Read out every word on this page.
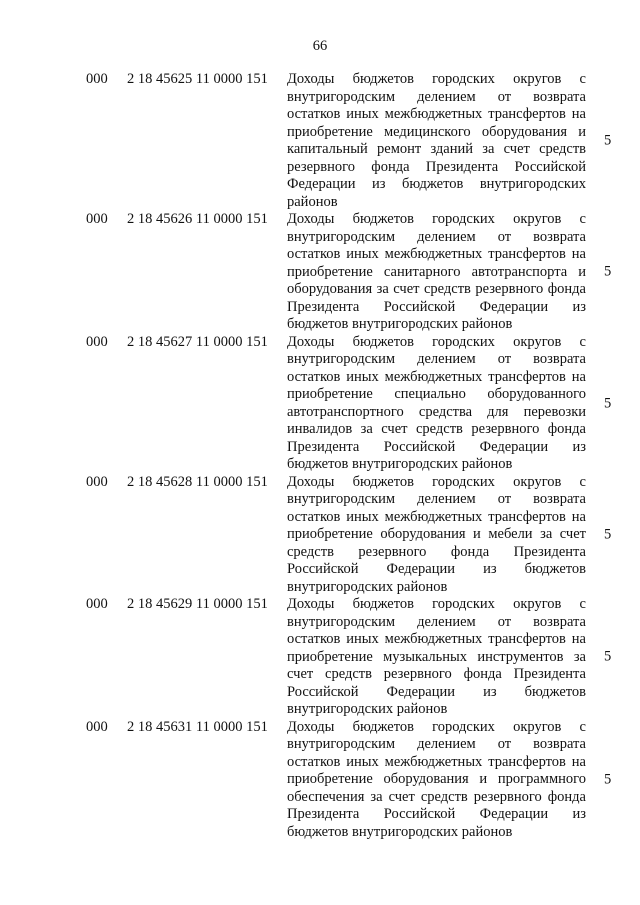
66
000 2 18 45625 11 0000 151 Доходы бюджетов городских округов с внутригородским делением от возврата остатков иных межбюджетных трансфертов на приобретение медицинского оборудования и капитальный ремонт зданий за счет средств резервного фонда Президента Российской Федерации из бюджетов внутригородских районов
5
000 2 18 45626 11 0000 151 Доходы бюджетов городских округов с внутригородским делением от возврата остатков иных межбюджетных трансфертов на приобретение санитарного автотранспорта и оборудования за счет средств резервного фонда Президента Российской Федерации из бюджетов внутригородских районов
5
000 2 18 45627 11 0000 151 Доходы бюджетов городских округов с внутригородским делением от возврата остатков иных межбюджетных трансфертов на приобретение специально оборудованного автотранспортного средства для перевозки инвалидов за счет средств резервного фонда Президента Российской Федерации из бюджетов внутригородских районов
5
000 2 18 45628 11 0000 151 Доходы бюджетов городских округов с внутригородским делением от возврата остатков иных межбюджетных трансфертов на приобретение оборудования и мебели за счет средств резервного фонда Президента Российской Федерации из бюджетов внутригородских районов
5
000 2 18 45629 11 0000 151 Доходы бюджетов городских округов с внутригородским делением от возврата остатков иных межбюджетных трансфертов на приобретение музыкальных инструментов за счет средств резервного фонда Президента Российской Федерации из бюджетов внутригородских районов
5
000 2 18 45631 11 0000 151 Доходы бюджетов городских округов с внутригородским делением от возврата остатков иных межбюджетных трансфертов на приобретение оборудования и программного обеспечения за счет средств резервного фонда Президента Российской Федерации из бюджетов внутригородских районов
5
